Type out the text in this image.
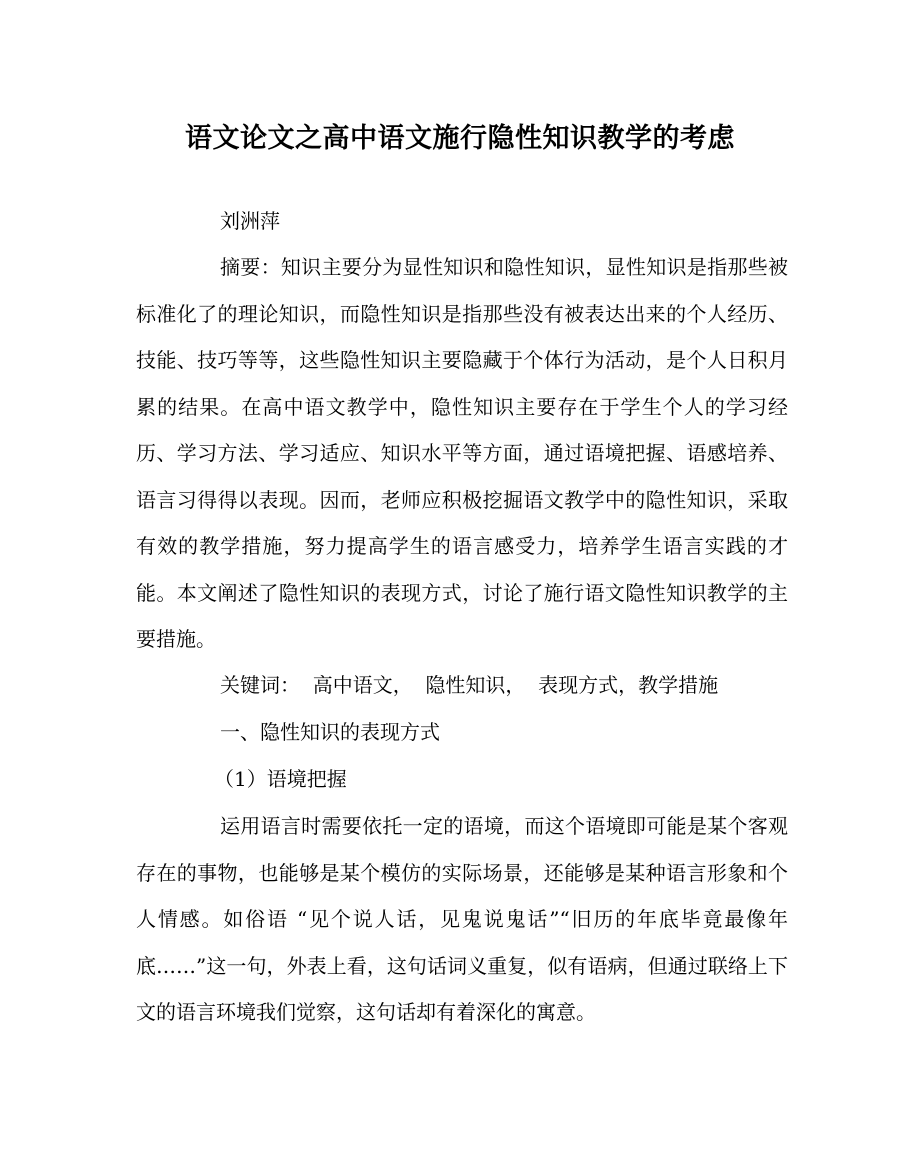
语文论文之高中语文施行隐性知识教学的考虑

刘洲萍

摘要：知识主要分为显性知识和隐性知识，显性知识是指那些被标准化了的理论知识，而隐性知识是指那些没有被表达出来的个人经历、技能、技巧等等，这些隐性知识主要隐藏于个体行为活动，是个人日积月累的结果。在高中语文教学中，隐性知识主要存在于学生个人的学习经历、学习方法、学习适应、知识水平等方面，通过语境把握、语感培养、语言习得得以表现。因而，老师应积极挖掘语文教学中的隐性知识，采取有效的教学措施，努力提高学生的语言感受力，培养学生语言实践的才能。本文阐述了隐性知识的表现方式，讨论了施行语文隐性知识教学的主要措施。

关键词：  高中语文，  隐性知识，  表现方式，教学措施

一、隐性知识的表现方式

（1）语境把握

运用语言时需要依托一定的语境，而这个语境即可能是某个客观存在的事物，也能够是某个模仿的实际场景，还能够是某种语言形象和个人情感。如俗语 “见个说人话，见鬼说鬼话”“旧历的年底毕竟最像年底……”这一句，外表上看，这句话词义重复，似有语病，但通过联络上下文的语言环境我们觉察，这句话却有着深化的寓意。
